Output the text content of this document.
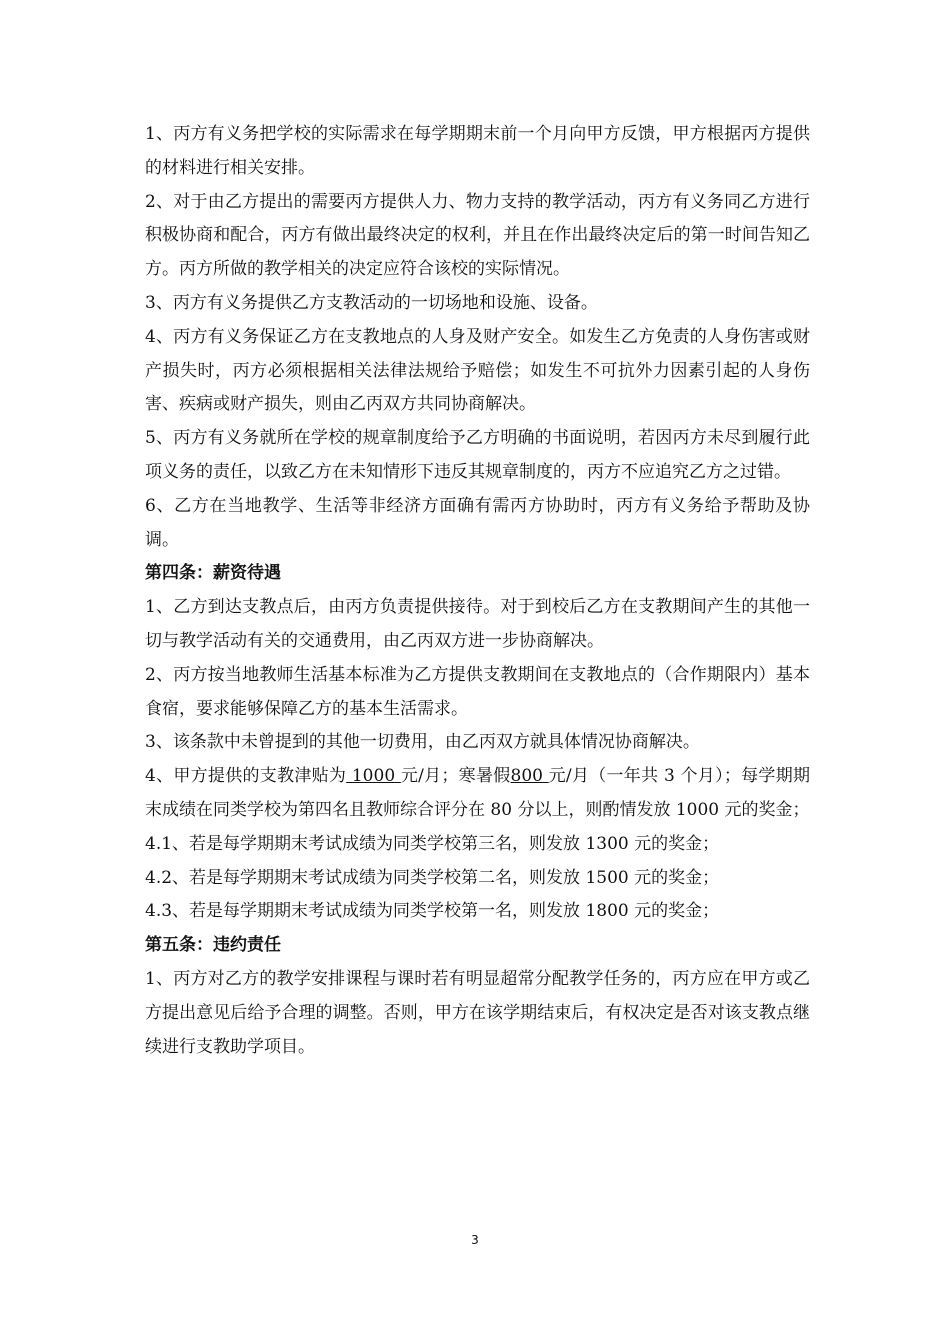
1、丙方有义务把学校的实际需求在每学期期末前一个月向甲方反馈，甲方根据丙方提供的材料进行相关安排。

2、对于由乙方提出的需要丙方提供人力、物力支持的教学活动，丙方有义务同乙方进行积极协商和配合，丙方有做出最终决定的权利，并且在作出最终决定后的第一时间告知乙方。丙方所做的教学相关的决定应符合该校的实际情况。

3、丙方有义务提供乙方支教活动的一切场地和设施、设备。

4、丙方有义务保证乙方在支教地点的人身及财产安全。如发生乙方免责的人身伤害或财产损失时，丙方必须根据相关法律法规给予赔偿；如发生不可抗外力因素引起的人身伤害、疾病或财产损失，则由乙丙双方共同协商解决。

5、丙方有义务就所在学校的规章制度给予乙方明确的书面说明，若因丙方未尽到履行此项义务的责任，以致乙方在未知情形下违反其规章制度的，丙方不应追究乙方之过错。

6、乙方在当地教学、生活等非经济方面确有需丙方协助时，丙方有义务给予帮助及协调。

第四条：薪资待遇

1、乙方到达支教点后，由丙方负责提供接待。对于到校后乙方在支教期间产生的其他一切与教学活动有关的交通费用，由乙丙双方进一步协商解决。

2、丙方按当地教师生活基本标准为乙方提供支教期间在支教地点的（合作期限内）基本食宿，要求能够保障乙方的基本生活需求。

3、该条款中未曾提到的其他一切费用，由乙丙双方就具体情况协商解决。

4、甲方提供的支教津贴为 1000 元/月；寒暑假800 元/月（一年共 3 个月）；每学期期末成绩在同类学校为第四名且教师综合评分在 80 分以上，则酌情发放 1000 元的奖金；

4.1、若是每学期期末考试成绩为同类学校第三名，则发放 1300 元的奖金；

4.2、若是每学期期末考试成绩为同类学校第二名，则发放 1500 元的奖金；

4.3、若是每学期期末考试成绩为同类学校第一名，则发放 1800 元的奖金；

第五条：违约责任

1、丙方对乙方的教学安排课程与课时若有明显超常分配教学任务的，丙方应在甲方或乙方提出意见后给予合理的调整。否则，甲方在该学期结束后，有权决定是否对该支教点继续进行支教助学项目。

3
